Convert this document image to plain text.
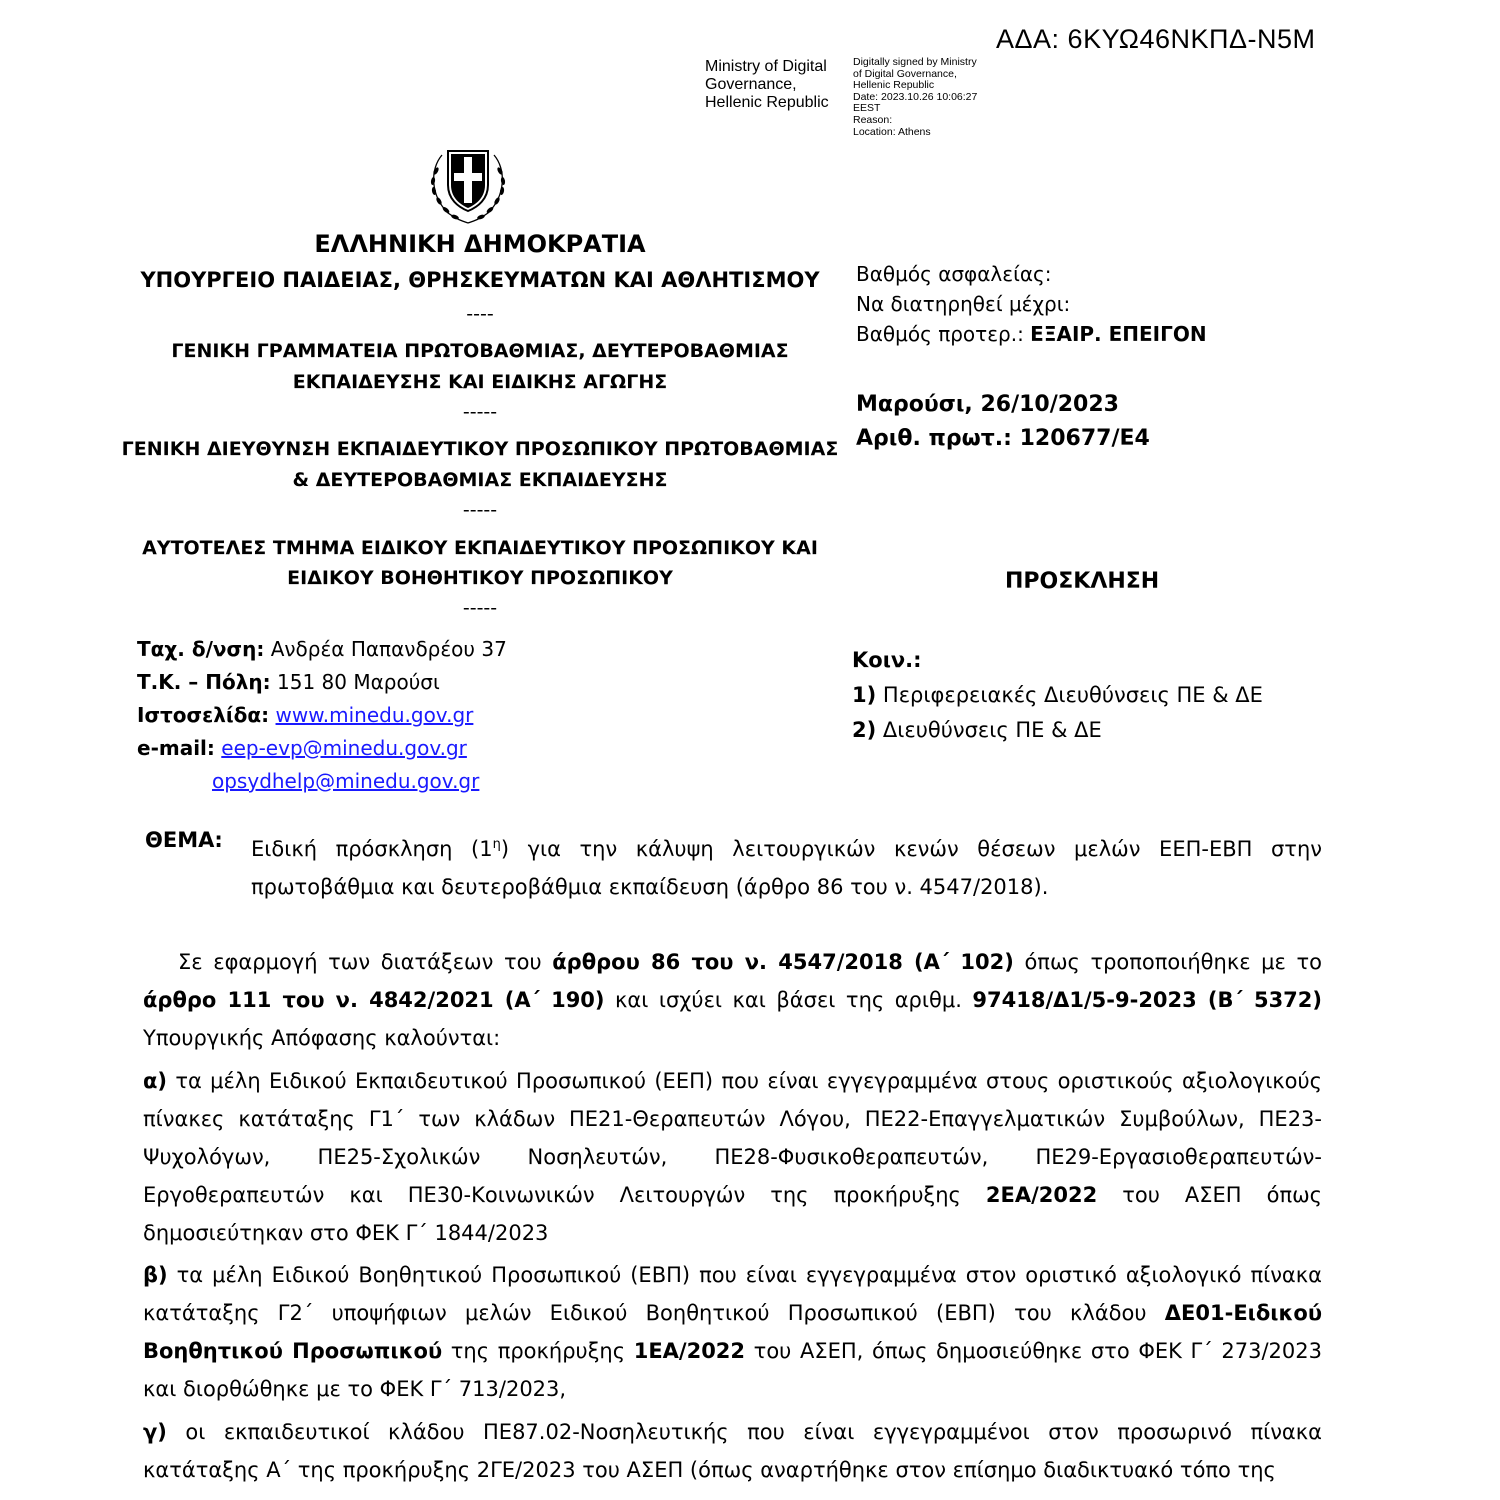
ΑΔΑ: 6ΚΥΩ46ΝΚΠΔ-Ν5Μ
Ministry of Digital
Governance,
Hellenic Republic
Digitally signed by Ministry
of Digital Governance,
Hellenic Republic
Date: 2023.10.26 10:06:27
EEST
Reason:
Location: Athens
ΕΛΛΗΝΙΚΗ ΔΗΜΟΚΡΑΤΙΑ
ΥΠΟΥΡΓΕΙΟ ΠΑΙΔΕΙΑΣ, ΘΡΗΣΚΕΥΜΑΤΩΝ ΚΑΙ ΑΘΛΗΤΙΣΜΟΥ
----
ΓΕΝΙΚΗ ΓΡΑΜΜΑΤΕΙΑ ΠΡΩΤΟΒΑΘΜΙΑΣ, ΔΕΥΤΕΡΟΒΑΘΜΙΑΣ
ΕΚΠΑΙΔΕΥΣΗΣ ΚΑΙ ΕΙΔΙΚΗΣ ΑΓΩΓΗΣ
-----
ΓΕΝΙΚΗ ΔΙΕΥΘΥΝΣΗ ΕΚΠΑΙΔΕΥΤΙΚΟΥ ΠΡΟΣΩΠΙΚΟΥ ΠΡΩΤΟΒΑΘΜΙΑΣ
& ΔΕΥΤΕΡΟΒΑΘΜΙΑΣ ΕΚΠΑΙΔΕΥΣΗΣ
-----
ΑΥΤΟΤΕΛΕΣ ΤΜΗΜΑ ΕΙΔΙΚΟΥ ΕΚΠΑΙΔΕΥΤΙΚΟΥ ΠΡΟΣΩΠΙΚΟΥ ΚΑΙ
ΕΙΔΙΚΟΥ ΒΟΗΘΗΤΙΚΟΥ ΠΡΟΣΩΠΙΚΟΥ
-----
Βαθμός ασφαλείας:
Να διατηρηθεί μέχρι:
Βαθμός προτερ.: ΕΞΑΙΡ. ΕΠΕΙΓΟΝ
Μαρούσι, 26/10/2023
Αριθ. πρωτ.: 120677/Ε4
ΠΡΟΣΚΛΗΣΗ
Κοιν.:
1) Περιφερειακές Διευθύνσεις ΠΕ & ΔΕ
2) Διευθύνσεις ΠΕ & ΔΕ
Ταχ. δ/νση: Ανδρέα Παπανδρέου 37
Τ.Κ. – Πόλη: 151 80 Μαρούσι
Ιστοσελίδα: www.minedu.gov.gr
e-mail: eep-evp@minedu.gov.gr
opsydhelp@minedu.gov.gr
ΘΕΜΑ: Ειδική πρόσκληση $(1^\eta)$ για την κάλυψη λειτουργικών κενών θέσεων μελών ΕΕΠ-ΕΒΠ στην πρωτοβάθμια και δευτεροβάθμια εκπαίδευση (άρθρο 86 του ν. 4547/2018).
Σε εφαρμογή των διατάξεων του άρθρου 86 του ν. 4547/2018 (Α΄ 102) όπως τροποποιήθηκε με το άρθρο 111 του ν. 4842/2021 (Α΄ 190) και ισχύει και βάσει της αριθμ. 97418/Δ1/5-9-2023 (Β΄ 5372) Υπουργικής Απόφασης καλούνται:
α) τα μέλη Ειδικού Εκπαιδευτικού Προσωπικού (ΕΕΠ) που είναι εγγεγραμμένα στους οριστικούς αξιολογικούς πίνακες κατάταξης Γ1΄ των κλάδων ΠΕ21-Θεραπευτών Λόγου, ΠΕ22-Επαγγελματικών Συμβούλων, ΠΕ23-Ψυχολόγων, ΠΕ25-Σχολικών Νοσηλευτών, ΠΕ28-Φυσικοθεραπευτών, ΠΕ29-Εργασιοθεραπευτών-Εργοθεραπευτών και ΠΕ30-Κοινωνικών Λειτουργών της προκήρυξης 2ΕΑ/2022 του ΑΣΕΠ όπως δημοσιεύτηκαν στο ΦΕΚ Γ΄ 1844/2023
β) τα μέλη Ειδικού Βοηθητικού Προσωπικού (ΕΒΠ) που είναι εγγεγραμμένα στον οριστικό αξιολογικό πίνακα κατάταξης Γ2΄ υποψήφιων μελών Ειδικού Βοηθητικού Προσωπικού (ΕΒΠ) του κλάδου ΔΕ01-Ειδικού Βοηθητικού Προσωπικού της προκήρυξης 1ΕΑ/2022 του ΑΣΕΠ, όπως δημοσιεύθηκε στο ΦΕΚ Γ΄ 273/2023 και διορθώθηκε με το ΦΕΚ Γ΄ 713/2023,
γ) οι εκπαιδευτικοί κλάδου ΠΕ87.02-Νοσηλευτικής που είναι εγγεγραμμένοι στον προσωρινό πίνακα κατάταξης Α΄ της προκήρυξης 2ΓΕ/2023 του ΑΣΕΠ (όπως αναρτήθηκε στον επίσημο διαδικτυακό τόπο της
